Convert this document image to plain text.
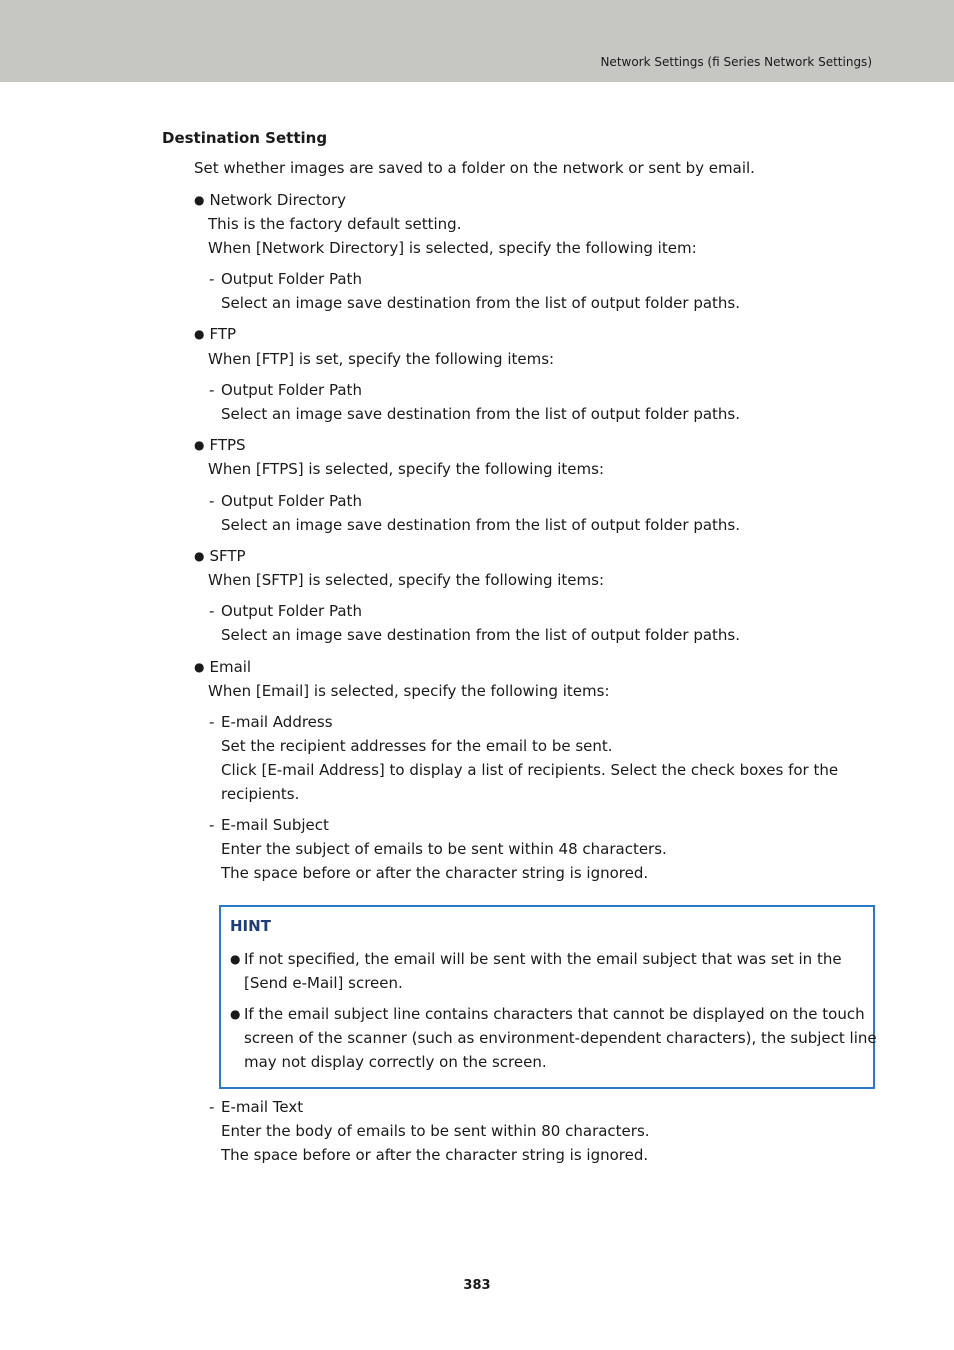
Network Settings (fi Series Network Settings)
Destination Setting
Set whether images are saved to a folder on the network or sent by email.
● Network Directory
This is the factory default setting.
When [Network Directory] is selected, specify the following item:
- Output Folder Path
Select an image save destination from the list of output folder paths.
● FTP
When [FTP] is set, specify the following items:
- Output Folder Path
Select an image save destination from the list of output folder paths.
● FTPS
When [FTPS] is selected, specify the following items:
- Output Folder Path
Select an image save destination from the list of output folder paths.
● SFTP
When [SFTP] is selected, specify the following items:
- Output Folder Path
Select an image save destination from the list of output folder paths.
● Email
When [Email] is selected, specify the following items:
- E-mail Address
Set the recipient addresses for the email to be sent.
Click [E-mail Address] to display a list of recipients. Select the check boxes for the
recipients.
- E-mail Subject
Enter the subject of emails to be sent within 48 characters.
The space before or after the character string is ignored.
HINT
● If not specified, the email will be sent with the email subject that was set in the
[Send e-Mail] screen.
● If the email subject line contains characters that cannot be displayed on the touch
screen of the scanner (such as environment-dependent characters), the subject line
may not display correctly on the screen.
- E-mail Text
Enter the body of emails to be sent within 80 characters.
The space before or after the character string is ignored.
383
